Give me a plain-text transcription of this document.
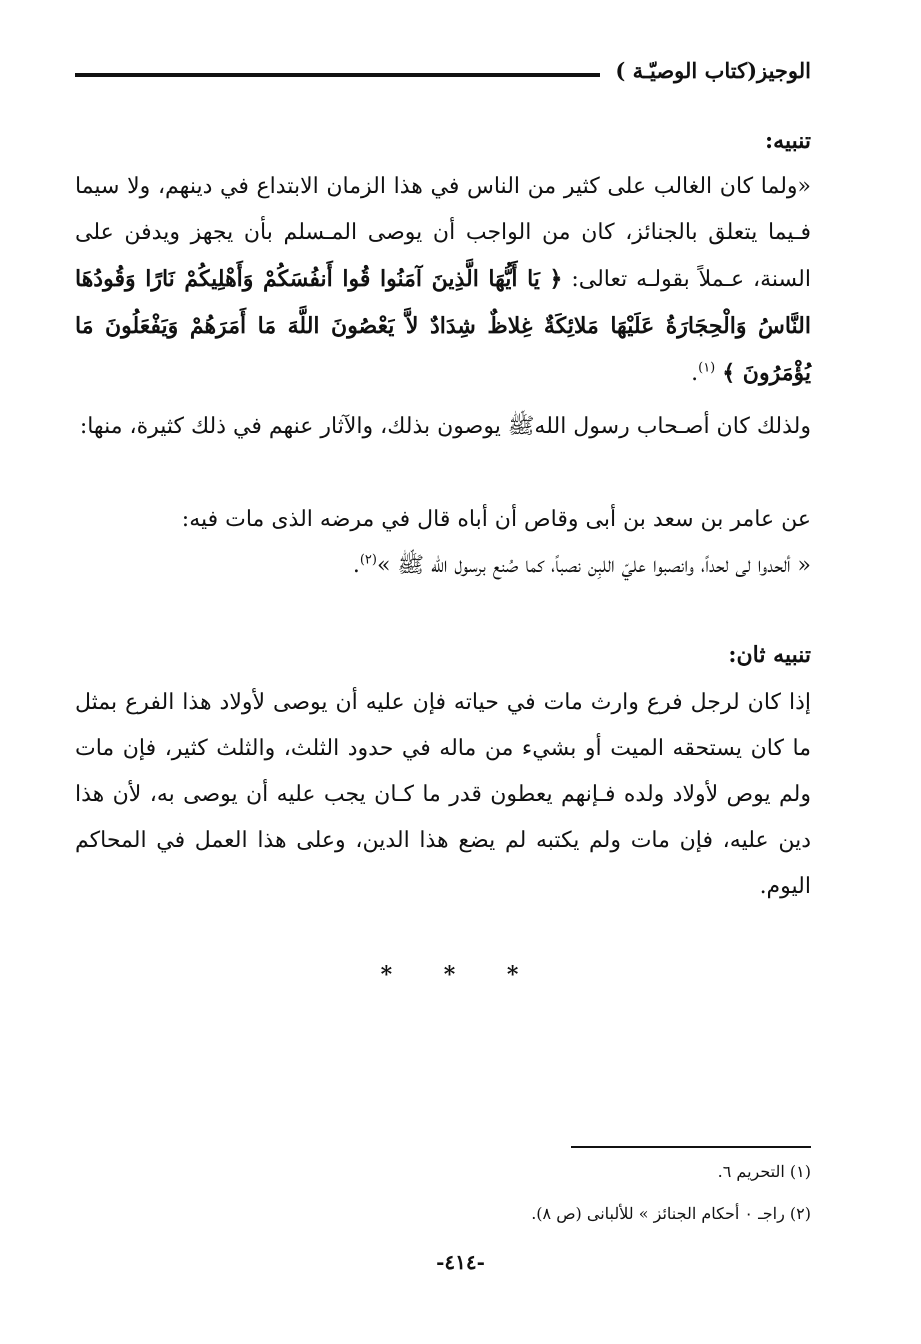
الوجيز(كتاب الوصيّـة )
تنبيه:
«ولما كان الغالب على كثير من الناس في هذا الزمان الابتداع في دينهم، ولا سيما فـيما يتعلق بالجنائز، كان من الواجب أن يوصى المـسلم بأن يجهز ويدفن على السنة، عـملاً بقولـه تعالى: ﴿ يَا أَيُّهَا الَّذِينَ آمَنُوا قُوا أَنفُسَكُمْ وَأَهْلِيكُمْ نَارًا وَقُودُهَا النَّاسُ وَالْحِجَارَةُ عَلَيْهَا مَلائِكَةٌ غِلاظٌ شِدَادٌ لاَّ يَعْصُونَ اللَّهَ مَا أَمَرَهُمْ وَيَفْعَلُونَ مَا يُؤْمَرُونَ ﴾ $^{(١)}$.
ولذلك كان أصـحاب رسول اللهﷺ يوصون بذلك، والآثار عنهم في ذلك كثيرة، منها:
عن عامر بن سعد بن أبى وقاص أن أباه قال في مرضه الذى مات فيه:
« ألحدوا لى لحداً، وانصبوا عليّ اللبِن نصباً، كما صُنع برسول الله ﷺ »$^{(٢)}$.
تنبيه ثان:
إذا كان لرجل فرع وارث مات في حياته فإن عليه أن يوصى لأولاد هذا الفرع بمثل ما كان يستحقه الميت أو بشيء من ماله في حدود الثلث، والثلث كثير، فإن مات ولم يوص لأولاد ولده فـإنهم يعطون قدر ما كـان يجب عليه أن يوصى به، لأن هذا دين عليه، فإن مات ولم يكتبه لم يضع هذا الدين، وعلى هذا العمل في المحاكم اليوم.
* * *
(١) التحريم ٦.
(٢) راجـ ٠ أحكام الجنائز » للألبانى (ص ٨).
-٤١٤-
